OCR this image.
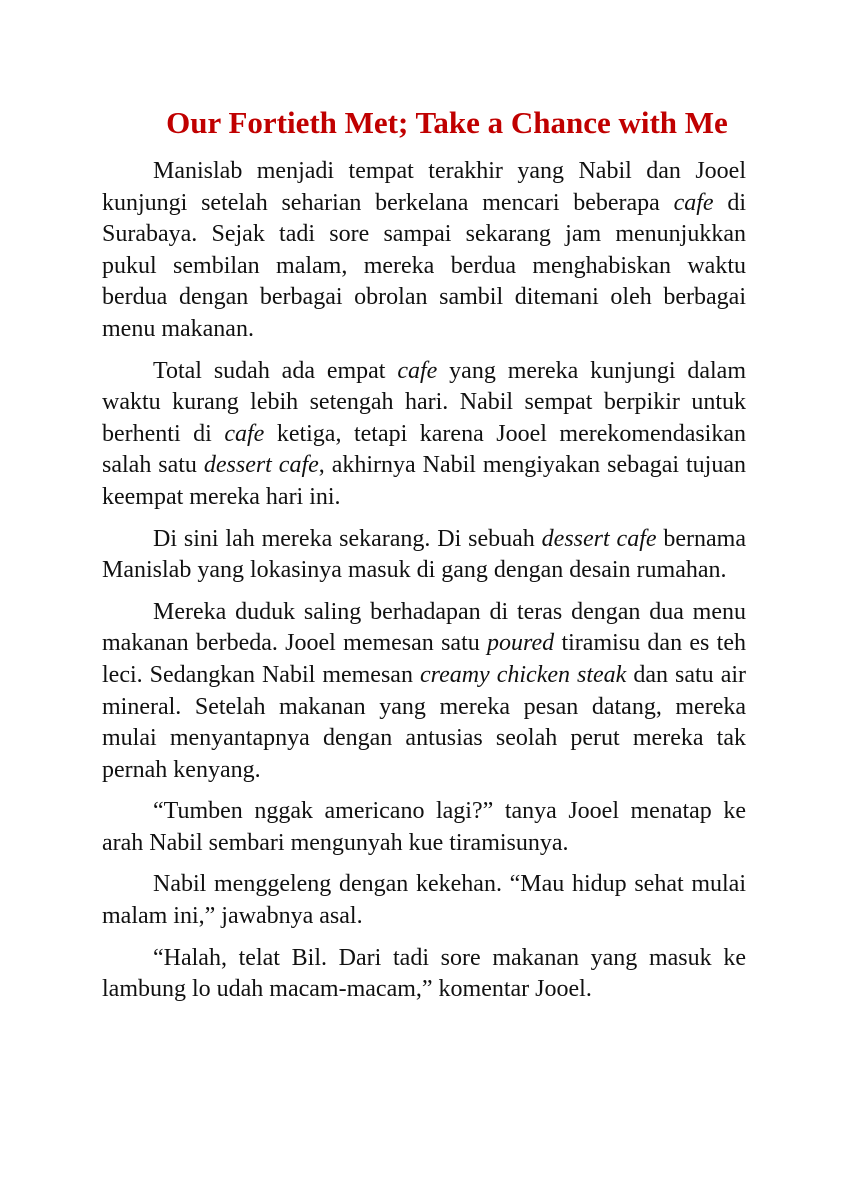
Our Fortieth Met; Take a Chance with Me

Manislab menjadi tempat terakhir yang Nabil dan Jooel kunjungi setelah seharian berkelana mencari beberapa cafe di Surabaya. Sejak tadi sore sampai sekarang jam menunjukkan pukul sembilan malam, mereka berdua menghabiskan waktu berdua dengan berbagai obrolan sambil ditemani oleh berbagai menu makanan.

Total sudah ada empat cafe yang mereka kunjungi dalam waktu kurang lebih setengah hari. Nabil sempat berpikir untuk berhenti di cafe ketiga, tetapi karena Jooel merekomendasikan salah satu dessert cafe, akhirnya Nabil mengiyakan sebagai tujuan keempat mereka hari ini.

Di sini lah mereka sekarang. Di sebuah dessert cafe bernama Manislab yang lokasinya masuk di gang dengan desain rumahan.

Mereka duduk saling berhadapan di teras dengan dua menu makanan berbeda. Jooel memesan satu poured tiramisu dan es teh leci. Sedangkan Nabil memesan creamy chicken steak dan satu air mineral. Setelah makanan yang mereka pesan datang, mereka mulai menyantapnya dengan antusias seolah perut mereka tak pernah kenyang.

“Tumben nggak americano lagi?” tanya Jooel menatap ke arah Nabil sembari mengunyah kue tiramisunya.

Nabil menggeleng dengan kekehan. “Mau hidup sehat mulai malam ini,” jawabnya asal.

“Halah, telat Bil. Dari tadi sore makanan yang masuk ke lambung lo udah macam-macam,” komentar Jooel.
